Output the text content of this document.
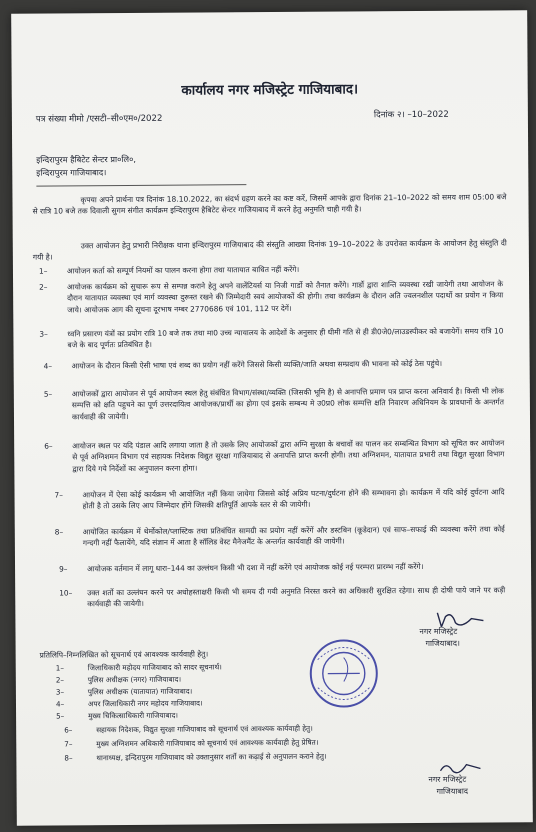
कार्यालय नगर मजिस्ट्रेट गाजियाबाद।
पत्र संख्या मीमो /एसटी–सी०एम०/2022	दिनांक २। –10–2022
इन्दिरापुरम हैबिटेट सेन्टर प्रा०लि०,
इन्दिरापुरम गाजियाबाद।
कृपया अपने प्रार्थना पत्र दिनांक 18.10.2022, का संदर्भ ग्रहण करने का कष्ट करें, जिसमें आपके द्वारा दिनांक 21–10–2022 को समय शाम 05:00 बजे से रात्रि 10 बजे तक दिवाली सुगम संगीत कार्यक्रम इन्दिरापुरम हैबिटेट सेन्टर गाजियाबाद में करने हेतु अनुमति चाही गयी है।
उक्त आयोजन हेतु प्रभारी निरीक्षक थाना इन्दिरापुरम गाजियाबाद की संस्तुति आख्या दिनांक 19–10–2022 के उपरोक्त कार्यक्रम के आयोजन हेतु संस्तुति दी गयी है।
1–	आयोजन कर्ता को सम्पूर्ण नियमों का पालन करना होगा तथा यातायात बाधित नहीं करेंगे।
2–	आयोजक कार्यक्रम को सुचारू रूप से सम्पन्न कराने हेतु अपने वालेंटियर्स या निजी गार्डो को तैनात करेंगे। गार्डो द्वारा शान्ति व्यवस्था रखी जायेगी तथा आयोजन के दौरान यातायात व्यवस्था एवं मार्ग व्यवस्था दुरूस्त रखने की जिम्मेदारी स्वयं आयोजकों की होगी। तथा कार्यक्रम के दौरान अति ज्वलनशील पदार्थो का प्रयोग न किया जाये। आयोजक आग की सूचना दूरभाष नम्बर 2770686 एवं 101, 112 पर देगें।
3–	ध्वनि प्रसारण यंत्रों का प्रयोग रात्रि 10 बजे तक तथा मा0 उच्च न्यायालय के आदेशों के अनुसार ही धीमी गति से ही डी0जे0/लाउडस्पीकर को बजायेगें। समय रात्रि 10 बजे के बाद पूर्णतः प्रतिबंधित है।
4–	आयोजन के दौरान किसी ऐसी भाषा एवं शब्द का प्रयोग नहीं करेंगे जिससे किसी व्यक्ति/जाति अथवा सम्प्रदाय की भावना को कोई ठेस पहुंचे।
5–	आयोजकों द्वारा आयोजन से पूर्व आयोजन स्थल हेतु संबंधित विभाग/संस्था/व्यक्ति (जिसकी भूमि है) से अनापत्ति प्रमाण पत्र प्राप्त करना अनिवार्य है। किसी भी लोक सम्पत्ति को क्षति पहुचने का पूर्ण उत्तरदायित्व आयोजक/प्रार्थी का होगा एवं इसके सम्बन्ध मे उ0प्र0 लोक सम्पत्ति क्षति निवारण अधिनियम के प्रावधानों के अन्तर्गत कार्यवाही की जायेगी।
6–	आयोजन स्थल पर यदि पंडाल आदि लगाया जाता है तो उसके लिए आयोजकों द्वारा अग्नि सुरक्षा के बचावों का पालन कर सम्बन्धित विभाग को सूचित कर आयोजन से पूर्व अग्निशमन विभाग एवं सहायक निदेशक विद्युत सुरक्षा गाजियाबाद से अनापत्ति प्राप्त करनी होगी। तथा अग्निशमन, यातायात प्रभारी तथा विद्युत सुरक्षा विभाग द्वारा दिये गये निर्देशों का अनुपालन करना होगा।
7–	आयोजन में ऐसा कोई कार्यक्रम भी आयोजित नहीं किया जायेगा जिससे कोई अप्रिय घटना/दुर्घटना होने की सम्भावना हो। कार्यक्रम में यदि कोई दुर्घटना आदि होती है तो उसके लिए आप जिम्मेदार होंगे जिसकी क्षतिपूर्ति आपके स्तर से की जायेगी।
8–	आयोजित कार्यक्रम में थेर्मोकोल/प्लास्टिक तथा प्रतिबंधित सामग्री का प्रयोग नहीं करेंगें और डस्टबिन (कूडेदान) एवं साफ–सफाई की व्यवस्था करेंगे तथा कोई गन्दगी नहीं फैलायेंगे, यदि संज्ञान में आता है सॉलिड वेस्ट मैनेजमैंट के अन्तर्गत कार्यवाही की जायेगी।
9–	आयोजक वर्तमान में लागू धारा–144 का उल्लंघन किसी भी दशा में नहीं करेंगे एवं आयोजक कोई नई परम्परा प्रारम्भ नहीं करेंगे।
10–	उक्त शर्तो का उल्लंघन करने पर अधोहस्ताक्षरी किसी भी समय दी गयी अनुमति निरस्त करने का अधिकारी सुरक्षित रहेगा। साथ ही दोषी पाये जाने पर कड़ी कार्यवाही की जायेगी।
नगर मजिस्ट्रेट
गाजियाबाद।
प्रतिलिपि–निम्नलिखित को सूचनार्थ एवं आवश्यक कार्यवाही हेतु।
1–	जिलाधिकारी महोदय गाजियाबाद को सादर सूचनार्थ।
2–	पुलिस अधीक्षक (नगर) गाजियाबाद।
3–	पुलिस अधीक्षक (यातायात) गाजियाबाद।
4–	अपर जिलाधिकारी नगर महोदय गाजियाबाद।
5–	मुख्य चिकित्साधिकारी गाजियाबाद।
6–	सहायक निदेशक, विद्युत सुरक्षा गाजियाबाद को सूचनार्थ एवं आवश्यक कार्यवाही हेतु।
7–	मुख्य अग्निशमन अधिकारी गाजियाबाद को सूचनार्थ एवं आवश्यक कार्यवाही हेतु प्रेषित।
8–	थानाध्यक्ष, इन्दिरापुरम गाजियाबाद को उक्तानुसार शर्तो का कढ़ाई से अनुपालन कराने हेतु।
नगर मजिस्ट्रेट
गाजियाबाद
